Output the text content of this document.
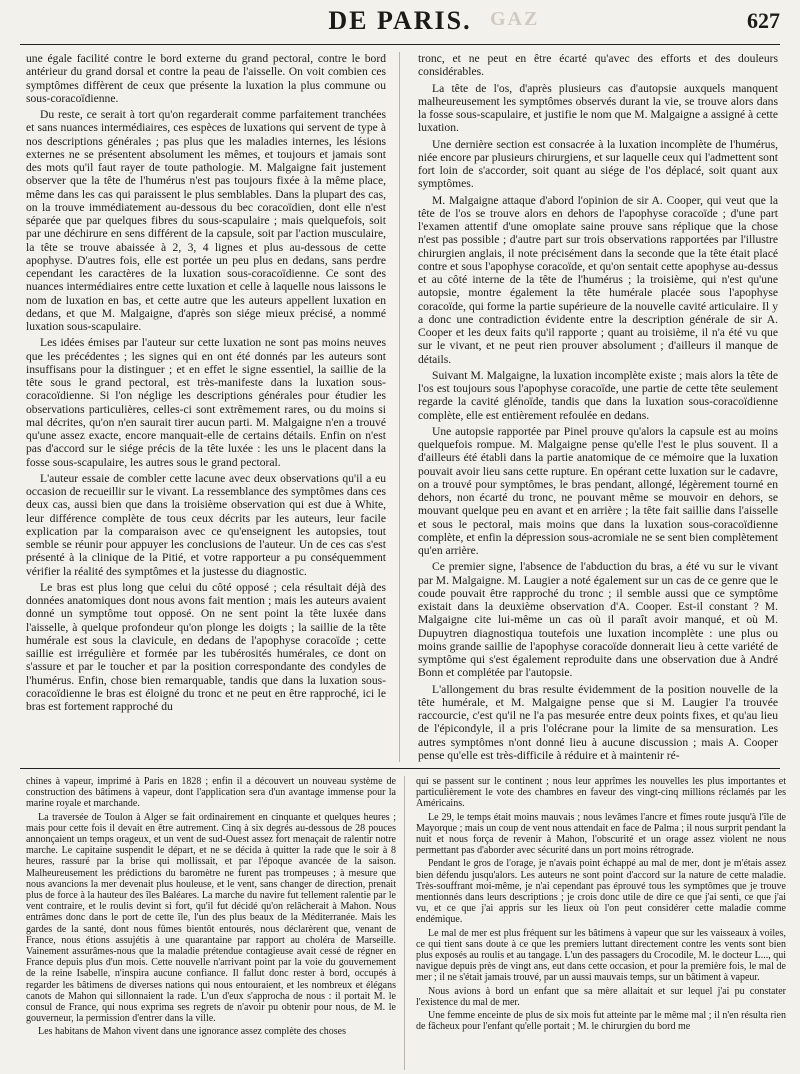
GAZ
DE PARIS.	627

une égale facilité contre le bord externe du grand pectoral, contre le bord antérieur du grand dorsal et contre la peau de l'aisselle. On voit combien ces symptômes diffèrent de ceux que présente la luxation la plus commune ou sous-coracoïdienne.

Du reste, ce serait à tort qu'on regarderait comme parfaitement tranchées et sans nuances intermédiaires, ces espèces de luxations qui servent de type à nos descriptions générales ; pas plus que les maladies internes, les lésions externes ne se présentent absolument les mêmes, et toujours et jamais sont des mots qu'il faut rayer de toute pathologie. M. Malgaigne fait justement observer que la tête de l'humérus n'est pas toujours fixée à la même place, même dans les cas qui paraissent le plus semblables. Dans la plupart des cas, on la trouve immédiatement au-dessous du bec coracoïdien, dont elle n'est séparée que par quelques fibres du sous-scapulaire ; mais quelquefois, soit par une déchirure en sens différent de la capsule, soit par l'action musculaire, la tête se trouve abaissée à 2, 3, 4 lignes et plus au-dessous de cette apophyse. D'autres fois, elle est portée un peu plus en dedans, sans perdre cependant les caractères de la luxation sous-coracoïdienne. Ce sont des nuances intermédiaires entre cette luxation et celle à laquelle nous laissons le nom de luxation en bas, et cette autre que les auteurs appellent luxation en dedans, et que M. Malgaigne, d'après son siége mieux précisé, a nommé luxation sous-scapulaire.

Les idées émises par l'auteur sur cette luxation ne sont pas moins neuves que les précédentes ; les signes qui en ont été donnés par les auteurs sont insuffisans pour la distinguer ; et en effet le signe essentiel, la saillie de la tête sous le grand pectoral, est très-manifeste dans la luxation sous-coracoïdienne. Si l'on néglige les descriptions générales pour étudier les observations particulières, celles-ci sont extrêmement rares, ou du moins si mal décrites, qu'on n'en saurait tirer aucun parti. M. Malgaigne n'en a trouvé qu'une assez exacte, encore manquait-elle de certains détails. Enfin on n'est pas d'accord sur le siége précis de la tête luxée : les uns le placent dans la fosse sous-scapulaire, les autres sous le grand pectoral.

L'auteur essaie de combler cette lacune avec deux observations qu'il a eu occasion de recueillir sur le vivant. La ressemblance des symptômes dans ces deux cas, aussi bien que dans la troisième observation qui est due à White, leur différence complète de tous ceux décrits par les auteurs, leur facile explication par la comparaison avec ce qu'enseignent les autopsies, tout semble se réunir pour appuyer les conclusions de l'auteur. Un de ces cas s'est présenté à la clinique de la Pitié, et votre rapporteur a pu conséquemment vérifier la réalité des symptômes et la justesse du diagnostic.

Le bras est plus long que celui du côté opposé ; cela résultait déjà des données anatomiques dont nous avons fait mention ; mais les auteurs avaient donné un symptôme tout opposé. On ne sent point la tête luxée dans l'aisselle, à quelque profondeur qu'on plonge les doigts ; la saillie de la tête humérale est sous la clavicule, en dedans de l'apophyse coracoïde ; cette saillie est irrégulière et formée par les tubérosités humérales, ce dont on s'assure et par le toucher et par la position correspondante des condyles de l'humérus. Enfin, chose bien remarquable, tandis que dans la luxation sous-coracoïdienne le bras est éloigné du tronc et ne peut en être rapproché, ici le bras est fortement rapproché du

tronc, et ne peut en être écarté qu'avec des efforts et des douleurs considérables.

La tête de l'os, d'après plusieurs cas d'autopsie auxquels manquent malheureusement les symptômes observés durant la vie, se trouve alors dans la fosse sous-scapulaire, et justifie le nom que M. Malgaigne a assigné à cette luxation.

Une dernière section est consacrée à la luxation incomplète de l'humérus, niée encore par plusieurs chirurgiens, et sur laquelle ceux qui l'admettent sont fort loin de s'accorder, soit quant au siége de l'os déplacé, soit quant aux symptômes.

M. Malgaigne attaque d'abord l'opinion de sir A. Cooper, qui veut que la tête de l'os se trouve alors en dehors de l'apophyse coracoïde ; d'une part l'examen attentif d'une omoplate saine prouve sans réplique que la chose n'est pas possible ; d'autre part sur trois observations rapportées par l'illustre chirurgien anglais, il note précisément dans la seconde que la tête était placé contre et sous l'apophyse coracoïde, et qu'on sentait cette apophyse au-dessus et au côté interne de la tête de l'humérus ; la troisième, qui n'est qu'une autopsie, montre également la tête humérale placée sous l'apophyse coracoïde, qui forme la partie supérieure de la nouvelle cavité articulaire. Il y a donc une contradiction évidente entre la description générale de sir A. Cooper et les deux faits qu'il rapporte ; quant au troisième, il n'a été vu que sur le vivant, et ne peut rien prouver absolument ; d'ailleurs il manque de détails.

Suivant M. Malgaigne, la luxation incomplète existe ; mais alors la tête de l'os est toujours sous l'apophyse coracoïde, une partie de cette tête seulement regarde la cavité glénoïde, tandis que dans la luxation sous-coracoïdienne complète, elle est entièrement refoulée en dedans.

Une autopsie rapportée par Pinel prouve qu'alors la capsule est au moins quelquefois rompue. M. Malgaigne pense qu'elle l'est le plus souvent. Il a d'ailleurs été établi dans la partie anatomique de ce mémoire que la luxation pouvait avoir lieu sans cette rupture. En opérant cette luxation sur le cadavre, on a trouvé pour symptômes, le bras pendant, allongé, légèrement tourné en dehors, non écarté du tronc, ne pouvant même se mouvoir en dehors, se mouvant quelque peu en avant et en arrière ; la tête fait saillie dans l'aisselle et sous le pectoral, mais moins que dans la luxation sous-coracoïdienne complète, et enfin la dépression sous-acromiale ne se sent bien complètement qu'en arrière.

Ce premier signe, l'absence de l'abduction du bras, a été vu sur le vivant par M. Malgaigne. M. Laugier a noté également sur un cas de ce genre que le coude pouvait être rapproché du tronc ; il semble aussi que ce symptôme existait dans la deuxième observation d'A. Cooper. Est-il constant ? M. Malgaigne cite lui-même un cas où il paraît avoir manqué, et où M. Dupuytren diagnostiqua toutefois une luxation incomplète : une plus ou moins grande saillie de l'apophyse coracoïde donnerait lieu à cette variété de symptôme qui s'est également reproduite dans une observation due à André Bonn et complétée par l'autopsie.

L'allongement du bras resulte évidemment de la position nouvelle de la tête humérale, et M. Malgaigne pense que si M. Laugier l'a trouvée raccourcie, c'est qu'il ne l'a pas mesurée entre deux points fixes, et qu'au lieu de l'épicondyle, il a pris l'olécrane pour la limite de sa mensuration. Les autres symptômes n'ont donné lieu à aucune discussion ; mais A. Cooper pense qu'elle est très-difficile à réduire et à maintenir ré-

chines à vapeur, imprimé à Paris en 1828 ; enfin il a découvert un nouveau système de construction des bâtimens à vapeur, dont l'application sera d'un avantage immense pour la marine royale et marchande.

La traversée de Toulon à Alger se fait ordinairement en cinquante et quelques heures ; mais pour cette fois il devait en être autrement. Cinq à six degrés au-dessous de 28 pouces annonçaient un temps orageux, et un vent de sud-Ouest assez fort menaçait de ralentir notre marche. Le capitaine suspendit le départ, et ne se décida à quitter la rade que le soir à 8 heures, rassuré par la brise qui mollissait, et par l'époque avancée de la saison. Malheureusement les prédictions du baromètre ne furent pas trompeuses ; à mesure que nous avancions la mer devenait plus houleuse, et le vent, sans changer de direction, prenait plus de force à la hauteur des îles Baléares. La marche du navire fut tellement ralentie par le vent contraire, et le roulis devint si fort, qu'il fut décidé qu'on relâcherait à Mahon. Nous entrâmes donc dans le port de cette île, l'un des plus beaux de la Méditerranée. Mais les gardes de la santé, dont nous fûmes bientôt entourés, nous déclarèrent que, venant de France, nous étions assujétis à une quarantaine par rapport au choléra de Marseille. Vainement assurâmes-nous que la maladie prétendue contagieuse avait cessé de régner en France depuis plus d'un mois. Cette nouvelle n'arrivant point par la voie du gouvernement de la reine Isabelle, n'inspira aucune confiance. Il fallut donc rester à bord, occupés à regarder les bâtimens de diverses nations qui nous entouraient, et les nombreux et élégans canots de Mahon qui sillonnaient la rade. L'un d'eux s'approcha de nous : il portait M. le consul de France, qui nous exprima ses regrets de n'avoir pu obtenir pour nous, de M. le gouverneur, la permission d'entrer dans la ville.

Les habitans de Mahon vivent dans une ignorance assez complète des choses

qui se passent sur le continent ; nous leur apprîmes les nouvelles les plus importantes et particulièrement le vote des chambres en faveur des vingt-cinq millions réclamés par les Américains.

Le 29, le temps était moins mauvais ; nous levâmes l'ancre et fîmes route jusqu'à l'île de Mayorque ; mais un coup de vent nous attendait en face de Palma ; il nous surprit pendant la nuit et nous força de revenir à Mahon, l'obscurité et un orage assez violent ne nous permettant pas d'aborder avec sécurité dans un port moins rétrograde.

Pendant le gros de l'orage, je n'avais point échappé au mal de mer, dont je m'étais assez bien défendu jusqu'alors. Les auteurs ne sont point d'accord sur la nature de cette maladie. Très-souffrant moi-même, je n'ai cependant pas éprouvé tous les symptômes que je trouve mentionnés dans leurs descriptions ; je crois donc utile de dire ce que j'ai senti, ce que j'ai vu, et ce que j'ai appris sur les lieux où l'on peut considérer cette maladie comme endémique.

Le mal de mer est plus fréquent sur les bâtimens à vapeur que sur les vaisseaux à voiles, ce qui tient sans doute à ce que les premiers luttant directement contre les vents sont bien plus exposés au roulis et au tangage. L'un des passagers du Crocodile, M. le docteur L..., qui navigue depuis près de vingt ans, eut dans cette occasion, et pour la première fois, le mal de mer ; il ne s'était jamais trouvé, par un aussi mauvais temps, sur un bâtiment à vapeur.

Nous avions à bord un enfant que sa mère allaitait et sur lequel j'ai pu constater l'existence du mal de mer.

Une femme enceinte de plus de six mois fut atteinte par le même mal ; il n'en résulta rien de fâcheux pour l'enfant qu'elle portait ; M. le chirurgien du bord me
